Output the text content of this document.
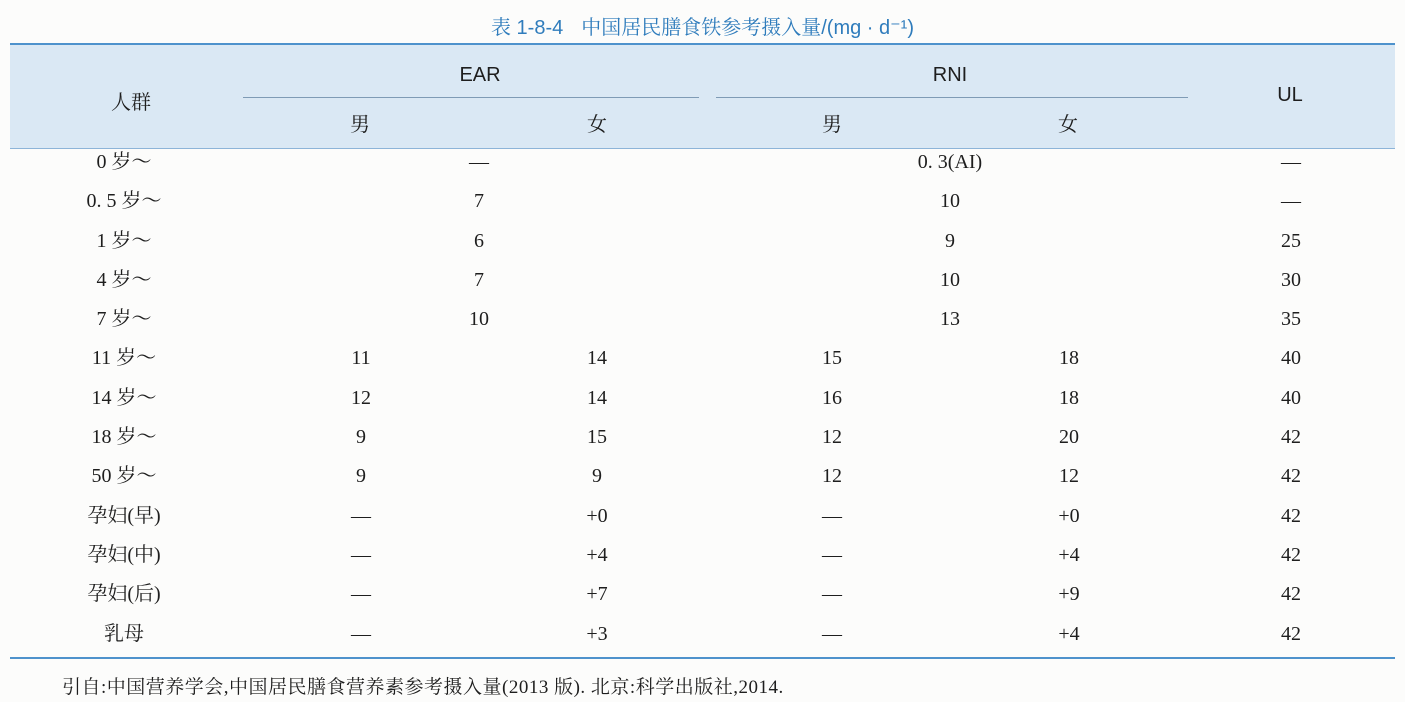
表 1-8-4 中国居民膳食铁参考摄入量/(mg · d⁻¹)
人群
EAR	RNI
UL
男	女	男	女
0 岁～	—	0. 3(AI)	—
0. 5 岁～	7	10	—
1 岁～	6	9	25
4 岁～	7	10	30
7 岁～	10	13	35
11 岁～	11	14	15	18	40
14 岁～	12	14	16	18	40
18 岁～	9	15	12	20	42
50 岁～	9	9	12	12	42
孕妇(早)	—	+0	—	+0	42
孕妇(中)	—	+4	—	+4	42
孕妇(后)	—	+7	—	+9	42
乳母	—	+3	—	+4	42
引自:中国营养学会,中国居民膳食营养素参考摄入量(2013 版). 北京:科学出版社,2014.
